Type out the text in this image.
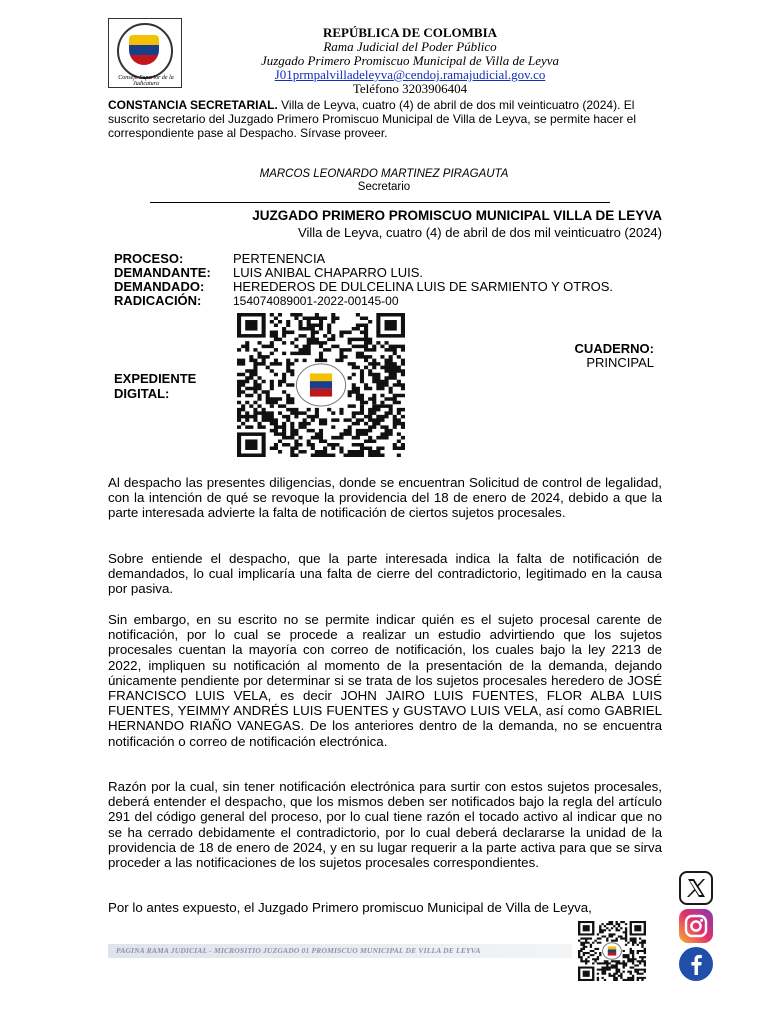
Consejo Superior de la Judicatura
REPÚBLICA DE COLOMBIA
Rama Judicial del Poder Público
Juzgado Primero Promiscuo Municipal de Villa de Leyva
J01prmpalvilladeleyva@cendoj.ramajudicial.gov.co
Teléfono 3203906404
CONSTANCIA SECRETARIAL. Villa de Leyva, cuatro (4) de abril de dos mil veinticuatro (2024). El suscrito secretario del Juzgado Primero Promiscuo Municipal de Villa de Leyva, se permite hacer el correspondiente pase al Despacho. Sírvase proveer.
MARCOS LEONARDO MARTINEZ PIRAGAUTA
Secretario
JUZGADO PRIMERO PROMISCUO MUNICIPAL VILLA DE LEYVA
Villa de Leyva, cuatro (4) de abril de dos mil veinticuatro (2024)
PROCESO:	PERTENENCIA
DEMANDANTE: LUIS ANIBAL CHAPARRO LUIS.
DEMANDADO: HEREDEROS DE DULCELINA LUIS DE SARMIENTO Y OTROS.
RADICACIÓN:	154074089001-2022-00145-00
CUADERNO:
PRINCIPAL
EXPEDIENTE
DIGITAL:
Al despacho las presentes diligencias, donde se encuentran Solicitud de control de legalidad, con la intención de qué se revoque la providencia del 18 de enero de 2024, debido a que la parte interesada advierte la falta de notificación de ciertos sujetos procesales.
Sobre entiende el despacho, que la parte interesada indica la falta de notificación de demandados, lo cual implicaría una falta de cierre del contradictorio, legitimado en la causa por pasiva.
Sin embargo, en su escrito no se permite indicar quién es el sujeto procesal carente de notificación, por lo cual se procede a realizar un estudio advirtiendo que los sujetos procesales cuentan la mayoría con correo de notificación, los cuales bajo la ley 2213 de 2022, impliquen su notificación al momento de la presentación de la demanda, dejando únicamente pendiente por determinar si se trata de los sujetos procesales heredero de JOSÉ FRANCISCO LUIS VELA, es decir JOHN JAIRO LUIS FUENTES, FLOR ALBA LUIS FUENTES, YEIMMY ANDRÉS LUIS FUENTES y GUSTAVO LUIS VELA, así como GABRIEL HERNANDO RIAÑO VANEGAS. De los anteriores dentro de la demanda, no se encuentra notificación o correo de notificación electrónica.
Razón por la cual, sin tener notificación electrónica para surtir con estos sujetos procesales, deberá entender el despacho, que los mismos deben ser notificados bajo la regla del artículo 291 del código general del proceso, por lo cual tiene razón el tocado activo al indicar que no se ha cerrado debidamente el contradictorio, por lo cual deberá declararse la unidad de la providencia de 18 de enero de 2024, y en su lugar requerir a la parte activa para que se sirva proceder a las notificaciones de los sujetos procesales correspondientes.
Por lo antes expuesto, el Juzgado Primero promiscuo Municipal de Villa de Leyva,
PAGINA RAMA JUDICIAL - MICROSITIO JUZGADO 01 PROMISCUO MUNICIPAL DE VILLA DE LEYVA
